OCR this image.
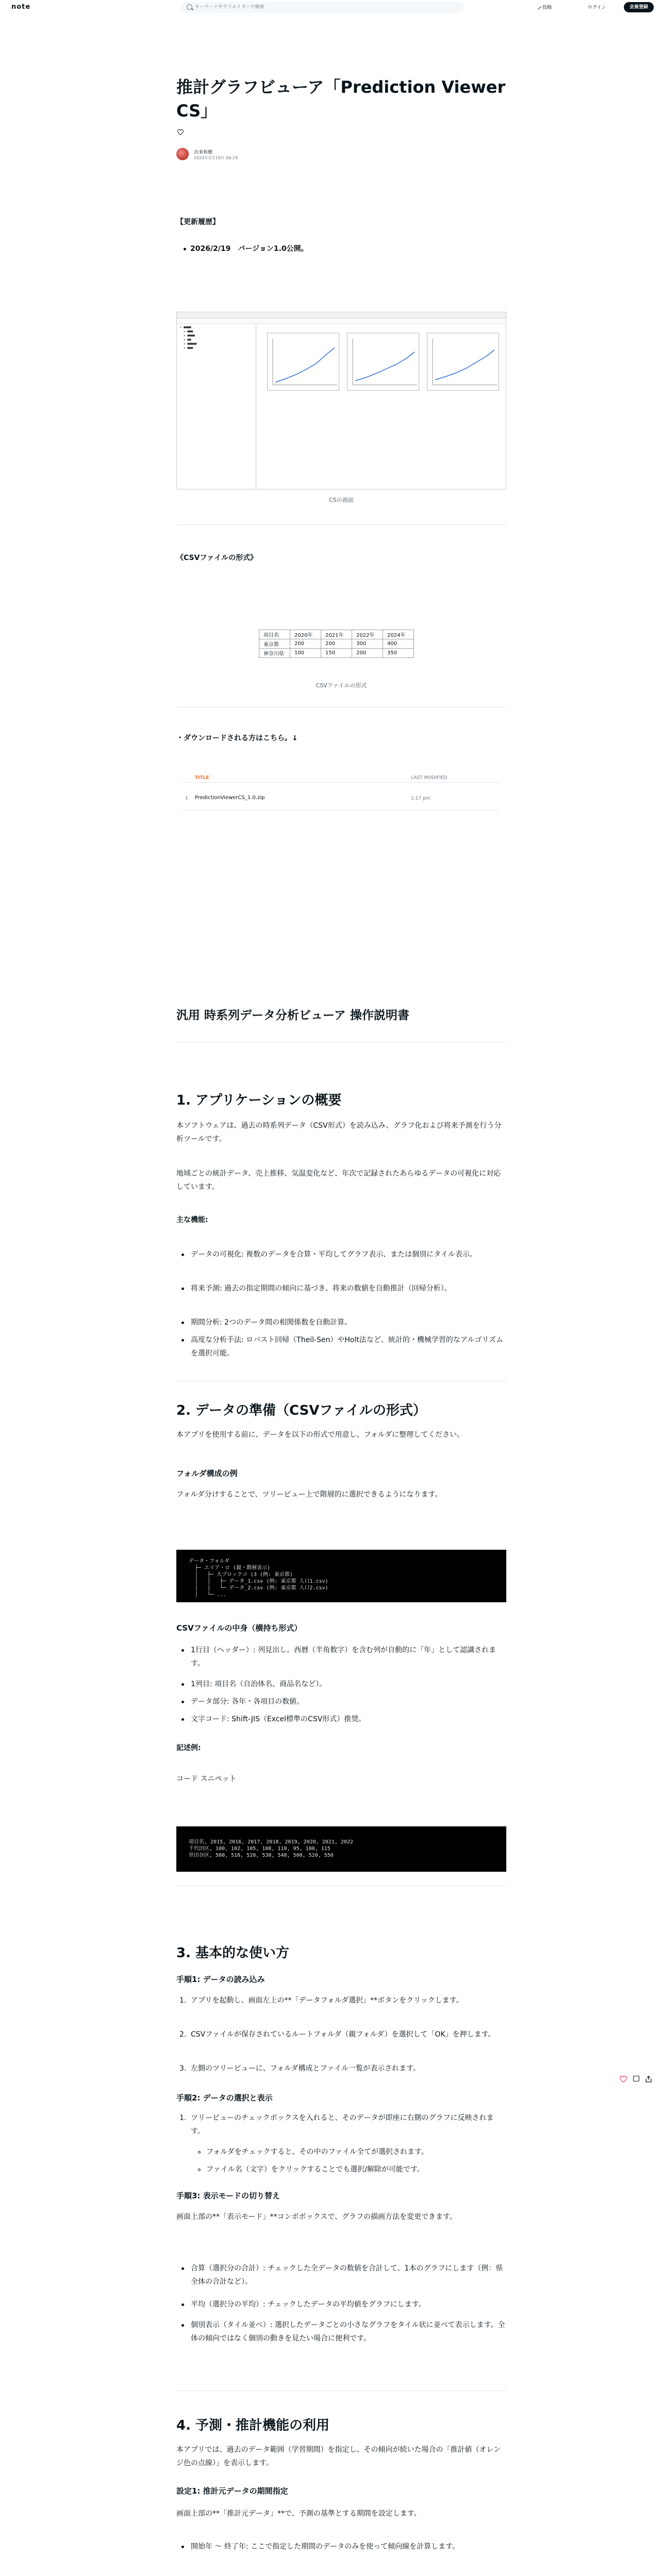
note
キーワードやクリエイターで検索	投稿	ログイン	会員登録
推計グラフビューア「Prediction Viewer CS」
出来和穂
2024年2月19日 06:29
【更新履歴】
2026/2/19　バージョン1.0公開。
▾ ■■■■
▸ ■■■
▸ ■■■■
▸ ■■
▸ ■■■■■
▸ ■■■
CSの画面
《CSVファイルの形式》
項目名	2020年	2021年	2022年	2024年
東京都	200	200	300	400
神奈川県	100	150	200	350
CSVファイルの形式
・ダウンロードされる方はこちら。↓
TITLE	LAST MODIFIED
⇓ PredictionViewerCS_1.0.zip	1:17 pm
汎用 時系列データ分析ビューア 操作説明書
1. アプリケーションの概要
本ソフトウェアは、過去の時系列データ（CSV形式）を読み込み、グラフ化および将来予測を行う分析ツールです。
地域ごとの統計データ、売上推移、気温変化など、年次で記録されたあらゆるデータの可視化に対応しています。
主な機能:
データの可視化: 複数のデータを合算・平均してグラフ表示、または個別にタイル表示。
将来予測: 過去の指定期間の傾向に基づき、将来の数値を自動推計（回帰分析）。
期間分析: 2つのデータ間の相関係数を自動計算。
高度な分析手法: ロバスト回帰（Theil-Sen）やHolt法など、統計的・機械学習的なアルゴリズムを選択可能。
2. データの準備（CSVファイルの形式）
本アプリを使用する前に、データを以下の形式で用意し、フォルダに整理してください。
フォルダ構成の例
フォルダ分けすることで、ツリービュー上で階層的に選択できるようになります。
データ・フォルダ
├─ エリア・ロ (親・階層表示)
│   ├─ 大プロックコ (3 (例: 東京都)
│   │   ├─ データ_1.csv (例: 東京都 人口1.csv)
│   │   └─ データ_2.csv (例: 東京都 人口2.csv)
│   └─ ...
CSVファイルの中身（横持ち形式）
1行目（ヘッダー）: 列見出し。西暦（半角数字）を含む列が自動的に「年」として認識されます。
1列目: 項目名（自治体名、商品名など）。
データ部分: 各年・各項目の数値。
文字コード: Shift-JIS（Excel標準のCSV形式）推奨。
記述例:
コード スニペット
項目名, 2015, 2016, 2017, 2018, 2019, 2020, 2021, 2022
千代田区, 100, 102, 105, 108, 110, 95, 100, 115
世田谷区, 500, 510, 520, 530, 540, 500, 520, 550
3. 基本的な使い方
手順1: データの読み込み
1. アプリを起動し、画面左上の**「データフォルダ選択」**ボタンをクリックします。
2. CSVファイルが保存されているルートフォルダ（親フォルダ）を選択して「OK」を押します。
3. 左側のツリービューに、フォルダ構成とファイル一覧が表示されます。
手順2: データの選択と表示
1. ツリービューのチェックボックスを入れると、そのデータが即座に右側のグラフに反映されます。
フォルダをチェックすると、その中のファイル全てが選択されます。
ファイル名（文字）をクリックすることでも選択/解除が可能です。
手順3: 表示モードの切り替え
画面上部の**「表示モード」**コンボボックスで、グラフの描画方法を変更できます。
合算（選択分の合計）: チェックした全データの数値を合計して、1本のグラフにします（例：県全体の合計など）。
平均（選択分の平均）: チェックしたデータの平均値をグラフにします。
個別表示（タイル並べ）: 選択したデータごとの小さなグラフをタイル状に並べて表示します。全体の傾向ではなく個別の動きを見たい場合に便利です。
4. 予測・推計機能の利用
本アプリでは、過去のデータ範囲（学習期間）を指定し、その傾向が続いた場合の「推計値（オレンジ色の点線）」を表示します。
設定1: 推計元データの期間指定
画面上部の**「推計元データ」**で、予測の基準とする期間を設定します。
開始年 ～ 終了年: ここで指定した期間のデータのみを使って傾向線を計算します。
